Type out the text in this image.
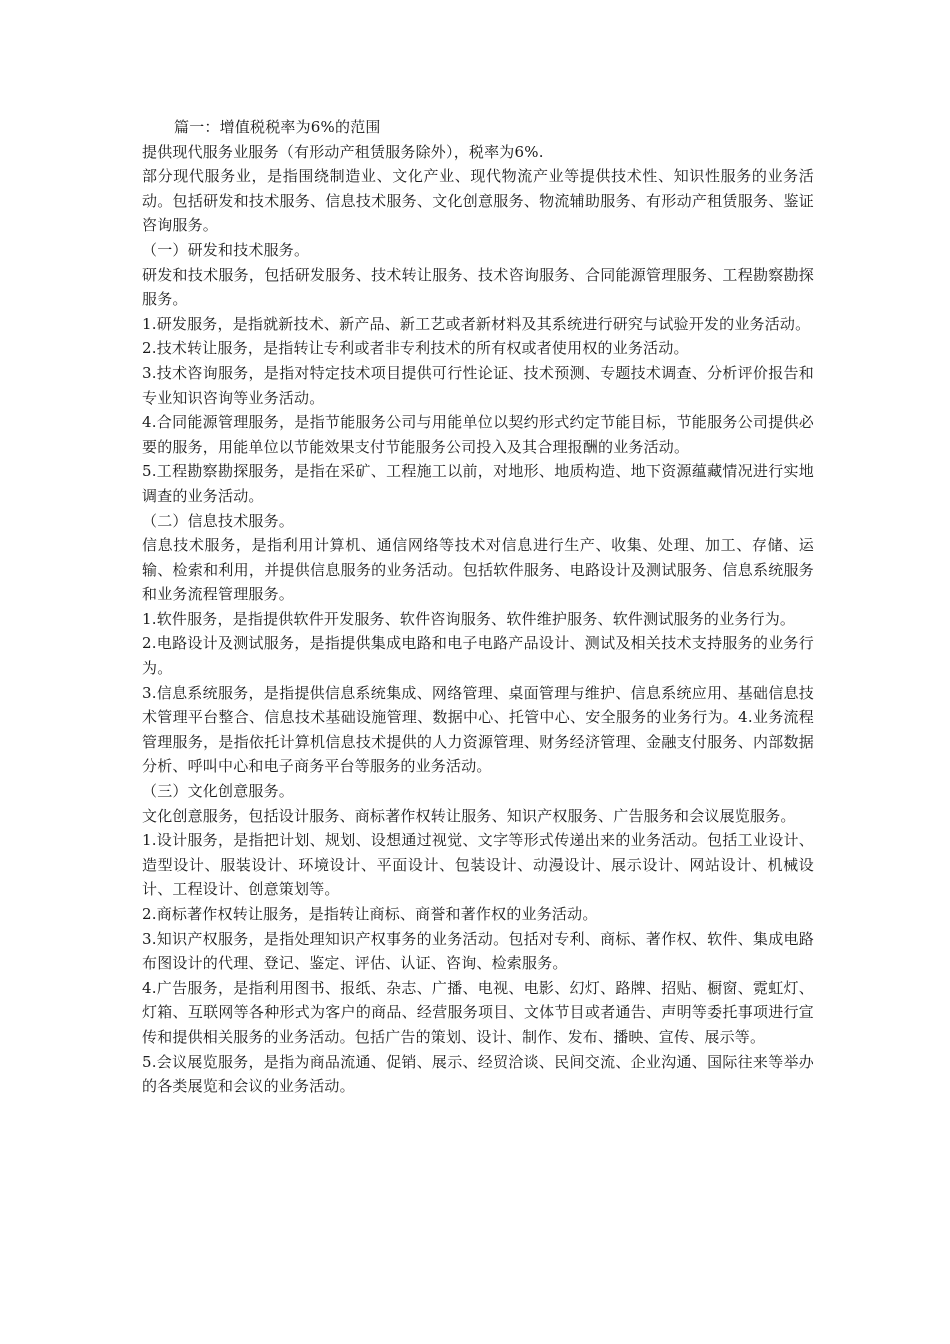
篇一：增值税税率为6%的范围

提供现代服务业服务（有形动产租赁服务除外），税率为6%.

部分现代服务业，是指围绕制造业、文化产业、现代物流产业等提供技术性、知识性服务的业务活动。包括研发和技术服务、信息技术服务、文化创意服务、物流辅助服务、有形动产租赁服务、鉴证咨询服务。

（一）研发和技术服务。

研发和技术服务，包括研发服务、技术转让服务、技术咨询服务、合同能源管理服务、工程勘察勘探服务。

1.研发服务，是指就新技术、新产品、新工艺或者新材料及其系统进行研究与试验开发的业务活动。

2.技术转让服务，是指转让专利或者非专利技术的所有权或者使用权的业务活动。

3.技术咨询服务，是指对特定技术项目提供可行性论证、技术预测、专题技术调查、分析评价报告和专业知识咨询等业务活动。

4.合同能源管理服务，是指节能服务公司与用能单位以契约形式约定节能目标，节能服务公司提供必要的服务，用能单位以节能效果支付节能服务公司投入及其合理报酬的业务活动。

5.工程勘察勘探服务，是指在采矿、工程施工以前，对地形、地质构造、地下资源蕴藏情况进行实地调查的业务活动。

（二）信息技术服务。

信息技术服务，是指利用计算机、通信网络等技术对信息进行生产、收集、处理、加工、存储、运输、检索和利用，并提供信息服务的业务活动。包括软件服务、电路设计及测试服务、信息系统服务和业务流程管理服务。

1.软件服务，是指提供软件开发服务、软件咨询服务、软件维护服务、软件测试服务的业务行为。

2.电路设计及测试服务，是指提供集成电路和电子电路产品设计、测试及相关技术支持服务的业务行为。

3.信息系统服务，是指提供信息系统集成、网络管理、桌面管理与维护、信息系统应用、基础信息技术管理平台整合、信息技术基础设施管理、数据中心、托管中心、安全服务的业务行为。4.业务流程管理服务，是指依托计算机信息技术提供的人力资源管理、财务经济管理、金融支付服务、内部数据分析、呼叫中心和电子商务平台等服务的业务活动。

（三）文化创意服务。

文化创意服务，包括设计服务、商标著作权转让服务、知识产权服务、广告服务和会议展览服务。

1.设计服务，是指把计划、规划、设想通过视觉、文字等形式传递出来的业务活动。包括工业设计、造型设计、服装设计、环境设计、平面设计、包装设计、动漫设计、展示设计、网站设计、机械设计、工程设计、创意策划等。

2.商标著作权转让服务，是指转让商标、商誉和著作权的业务活动。

3.知识产权服务，是指处理知识产权事务的业务活动。包括对专利、商标、著作权、软件、集成电路布图设计的代理、登记、鉴定、评估、认证、咨询、检索服务。

4.广告服务，是指利用图书、报纸、杂志、广播、电视、电影、幻灯、路牌、招贴、橱窗、霓虹灯、灯箱、互联网等各种形式为客户的商品、经营服务项目、文体节目或者通告、声明等委托事项进行宣传和提供相关服务的业务活动。包括广告的策划、设计、制作、发布、播映、宣传、展示等。

5.会议展览服务，是指为商品流通、促销、展示、经贸洽谈、民间交流、企业沟通、国际往来等举办的各类展览和会议的业务活动。
